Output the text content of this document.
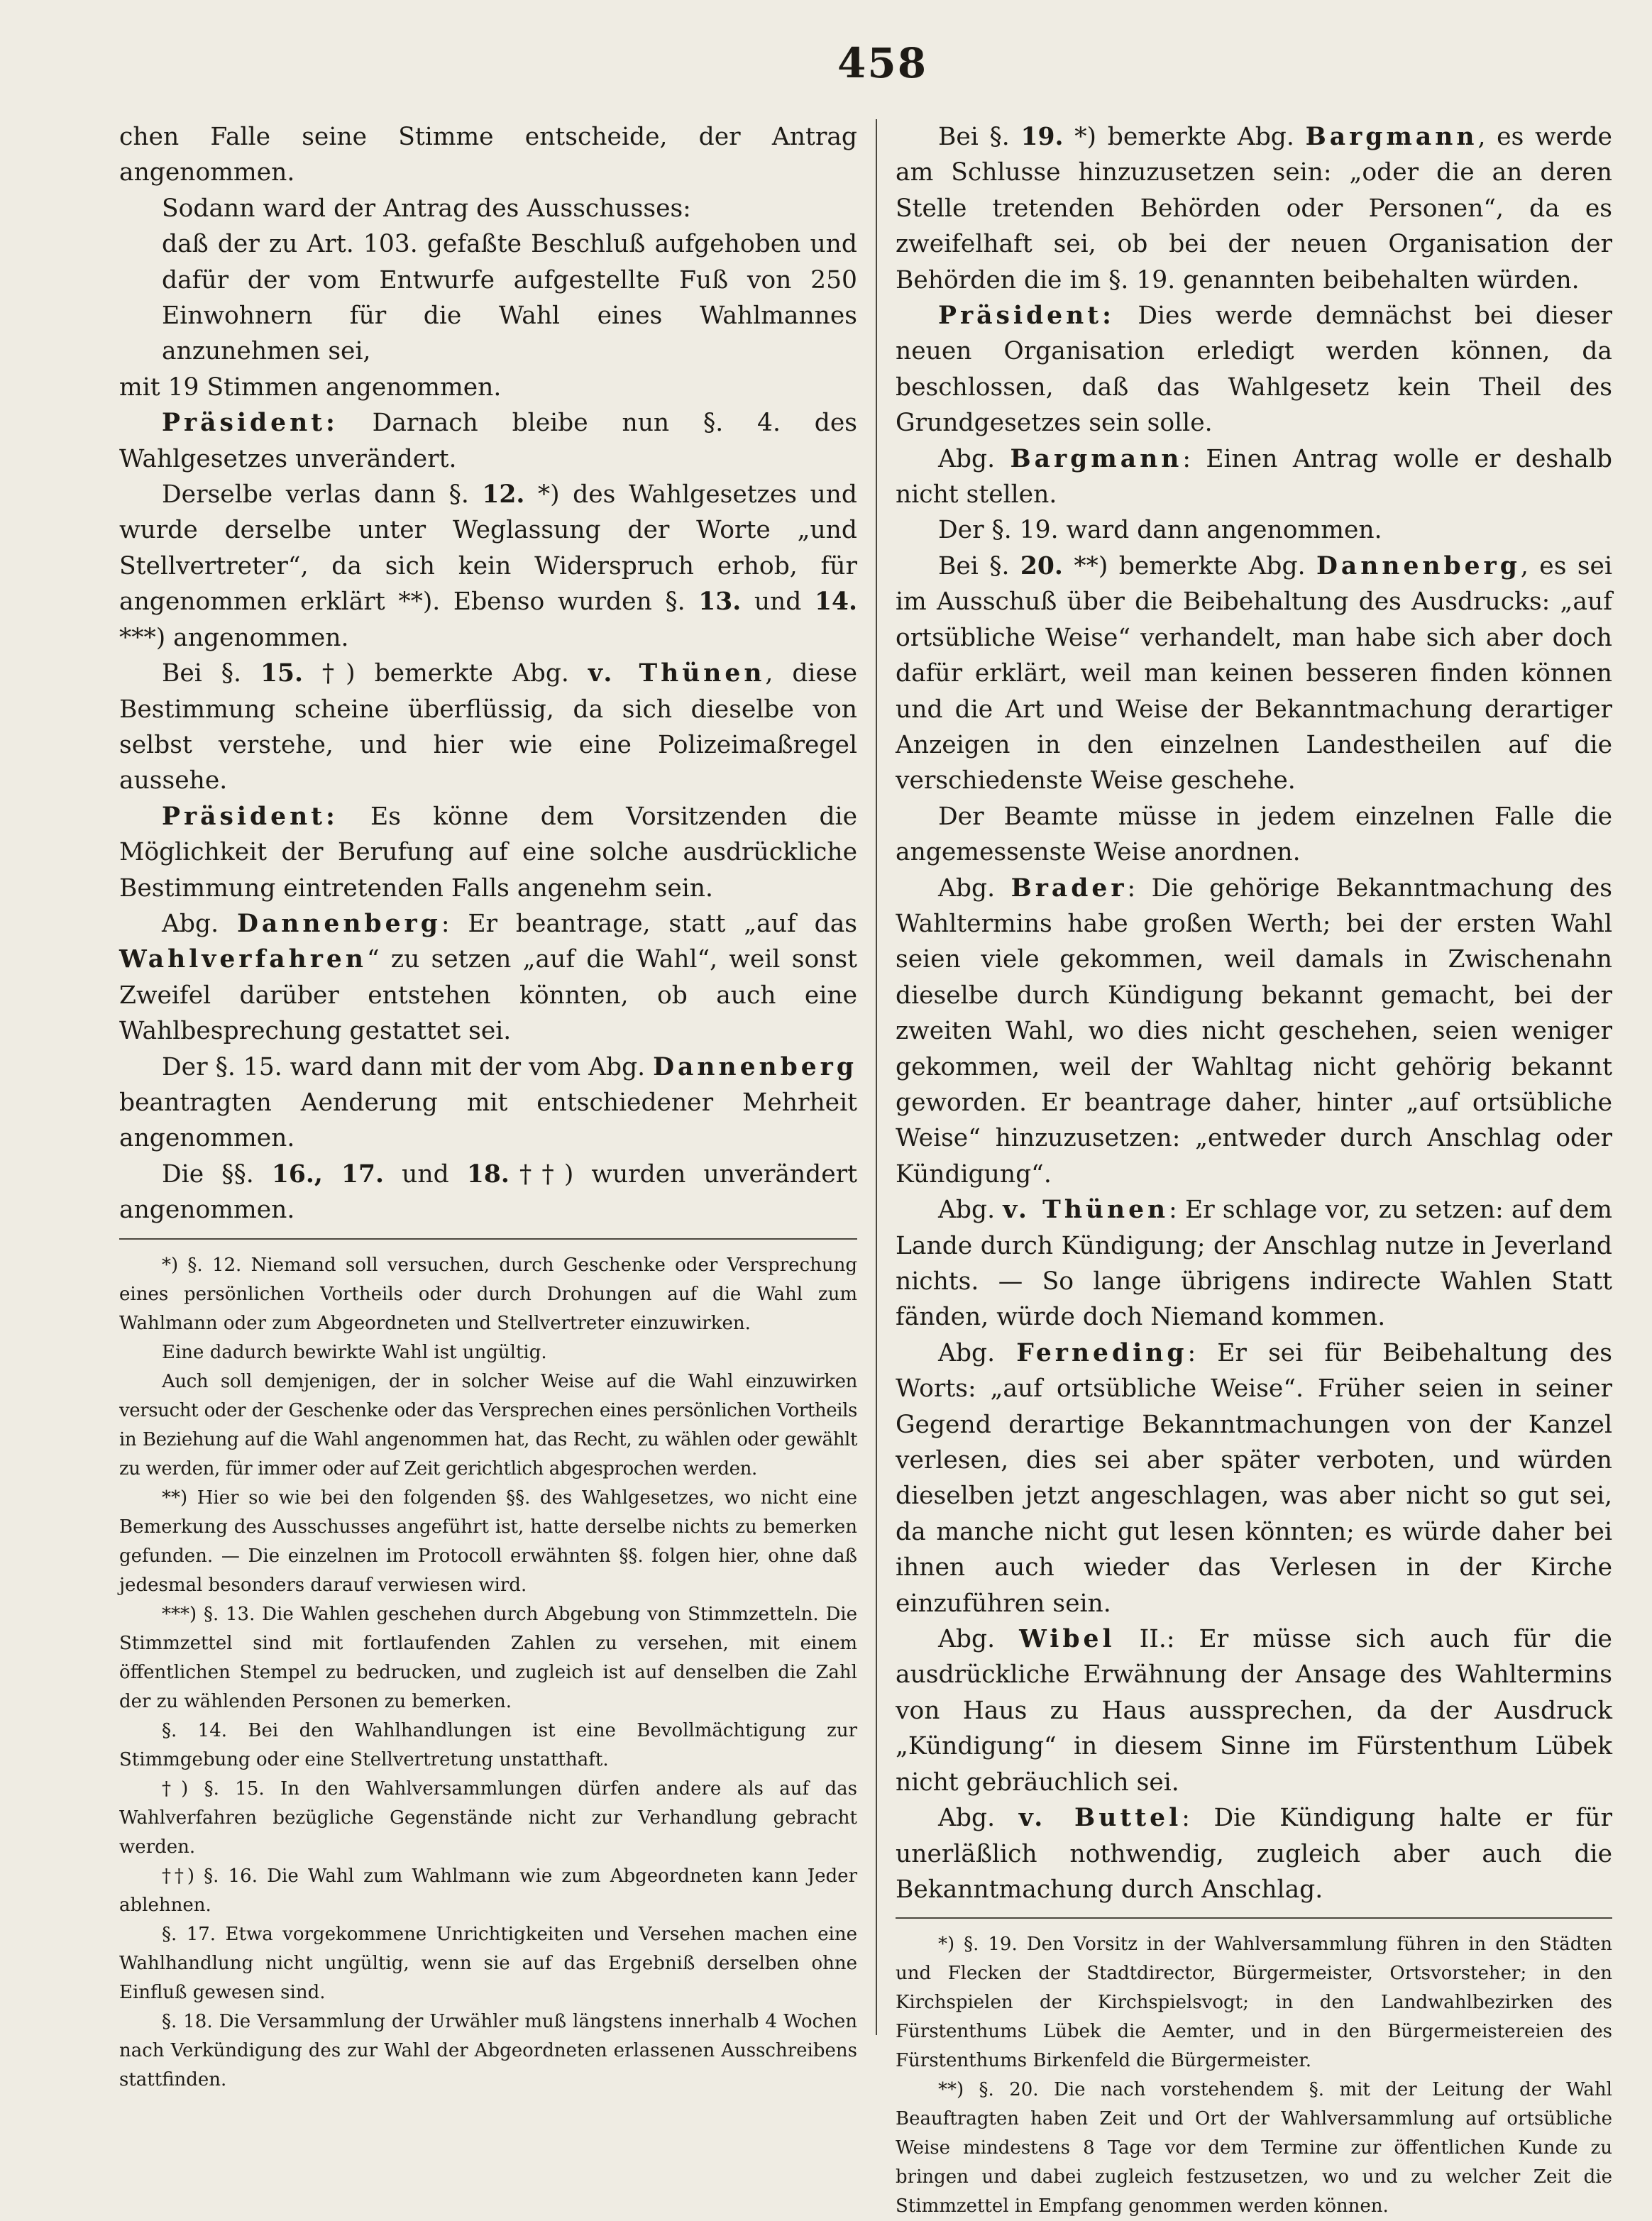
458

chen Falle seine Stimme entscheide, der Antrag angenommen.

Sodann ward der Antrag des Ausschusses:

daß der zu Art. 103. gefaßte Beschluß aufgehoben und dafür der vom Entwurfe aufgestellte Fuß von 250 Einwohnern für die Wahl eines Wahlmannes anzunehmen sei,

mit 19 Stimmen angenommen.

Präsident: Darnach bleibe nun §. 4. des Wahlgesetzes unverändert.

Derselbe verlas dann §. 12. *) des Wahlgesetzes und wurde derselbe unter Weglassung der Worte „und Stellvertreter“, da sich kein Widerspruch erhob, für angenommen erklärt **). Ebenso wurden §. 13. und 14. ***) angenommen.

Bei §. 15. †) bemerkte Abg. v. Thünen, diese Bestimmung scheine überflüssig, da sich dieselbe von selbst verstehe, und hier wie eine Polizeimaßregel aussehe.

Präsident: Es könne dem Vorsitzenden die Möglichkeit der Berufung auf eine solche ausdrückliche Bestimmung eintretenden Falls angenehm sein.

Abg. Dannenberg: Er beantrage, statt „auf das Wahlverfahren“ zu setzen „auf die Wahl“, weil sonst Zweifel darüber entstehen könnten, ob auch eine Wahlbesprechung gestattet sei.

Der §. 15. ward dann mit der vom Abg. Dannenberg beantragten Aenderung mit entschiedener Mehrheit angenommen.

Die §§. 16., 17. und 18.††) wurden unverändert angenommen.

*) §. 12. Niemand soll versuchen, durch Geschenke oder Versprechung eines persönlichen Vortheils oder durch Drohungen auf die Wahl zum Wahlmann oder zum Abgeordneten und Stellvertreter einzuwirken.

Eine dadurch bewirkte Wahl ist ungültig.

Auch soll demjenigen, der in solcher Weise auf die Wahl einzuwirken versucht oder der Geschenke oder das Versprechen eines persönlichen Vortheils in Beziehung auf die Wahl angenommen hat, das Recht, zu wählen oder gewählt zu werden, für immer oder auf Zeit gerichtlich abgesprochen werden.

**) Hier so wie bei den folgenden §§. des Wahlgesetzes, wo nicht eine Bemerkung des Ausschusses angeführt ist, hatte derselbe nichts zu bemerken gefunden. — Die einzelnen im Protocoll erwähnten §§. folgen hier, ohne daß jedesmal besonders darauf verwiesen wird.

***) §. 13. Die Wahlen geschehen durch Abgebung von Stimmzetteln. Die Stimmzettel sind mit fortlaufenden Zahlen zu versehen, mit einem öffentlichen Stempel zu bedrucken, und zugleich ist auf denselben die Zahl der zu wählenden Personen zu bemerken.

§. 14. Bei den Wahlhandlungen ist eine Bevollmächtigung zur Stimmgebung oder eine Stellvertretung unstatthaft.

†) §. 15. In den Wahlversammlungen dürfen andere als auf das Wahlverfahren bezügliche Gegenstände nicht zur Verhandlung gebracht werden.

††) §. 16. Die Wahl zum Wahlmann wie zum Abgeordneten kann Jeder ablehnen.

§. 17. Etwa vorgekommene Unrichtigkeiten und Versehen machen eine Wahlhandlung nicht ungültig, wenn sie auf das Ergebniß derselben ohne Einfluß gewesen sind.

§. 18. Die Versammlung der Urwähler muß längstens innerhalb 4 Wochen nach Verkündigung des zur Wahl der Abgeordneten erlassenen Ausschreibens stattfinden.

Bei §. 19. *) bemerkte Abg. Bargmann, es werde am Schlusse hinzuzusetzen sein: „oder die an deren Stelle tretenden Behörden oder Personen“, da es zweifelhaft sei, ob bei der neuen Organisation der Behörden die im §. 19. genannten beibehalten würden.

Präsident: Dies werde demnächst bei dieser neuen Organisation erledigt werden können, da beschlossen, daß das Wahlgesetz kein Theil des Grundgesetzes sein solle.

Abg. Bargmann: Einen Antrag wolle er deshalb nicht stellen.

Der §. 19. ward dann angenommen.

Bei §. 20. **) bemerkte Abg. Dannenberg, es sei im Ausschuß über die Beibehaltung des Ausdrucks: „auf ortsübliche Weise“ verhandelt, man habe sich aber doch dafür erklärt, weil man keinen besseren finden können und die Art und Weise der Bekanntmachung derartiger Anzeigen in den einzelnen Landestheilen auf die verschiedenste Weise geschehe.

Der Beamte müsse in jedem einzelnen Falle die angemessenste Weise anordnen.

Abg. Brader: Die gehörige Bekanntmachung des Wahltermins habe großen Werth; bei der ersten Wahl seien viele gekommen, weil damals in Zwischenahn dieselbe durch Kündigung bekannt gemacht, bei der zweiten Wahl, wo dies nicht geschehen, seien weniger gekommen, weil der Wahltag nicht gehörig bekannt geworden. Er beantrage daher, hinter „auf ortsübliche Weise“ hinzuzusetzen: „entweder durch Anschlag oder Kündigung“.

Abg. v. Thünen: Er schlage vor, zu setzen: auf dem Lande durch Kündigung; der Anschlag nutze in Jeverland nichts. — So lange übrigens indirecte Wahlen Statt fänden, würde doch Niemand kommen.

Abg. Ferneding: Er sei für Beibehaltung des Worts: „auf ortsübliche Weise“. Früher seien in seiner Gegend derartige Bekanntmachungen von der Kanzel verlesen, dies sei aber später verboten, und würden dieselben jetzt angeschlagen, was aber nicht so gut sei, da manche nicht gut lesen könnten; es würde daher bei ihnen auch wieder das Verlesen in der Kirche einzuführen sein.

Abg. Wibel II.: Er müsse sich auch für die ausdrückliche Erwähnung der Ansage des Wahltermins von Haus zu Haus aussprechen, da der Ausdruck „Kündigung“ in diesem Sinne im Fürstenthum Lübek nicht gebräuchlich sei.

Abg. v. Buttel: Die Kündigung halte er für unerläßlich nothwendig, zugleich aber auch die Bekanntmachung durch Anschlag.

*) §. 19. Den Vorsitz in der Wahlversammlung führen in den Städten und Flecken der Stadtdirector, Bürgermeister, Ortsvorsteher; in den Kirchspielen der Kirchspielsvogt; in den Landwahlbezirken des Fürstenthums Lübek die Aemter, und in den Bürgermeistereien des Fürstenthums Birkenfeld die Bürgermeister.

**) §. 20. Die nach vorstehendem §. mit der Leitung der Wahl Beauftragten haben Zeit und Ort der Wahlversammlung auf ortsübliche Weise mindestens 8 Tage vor dem Termine zur öffentlichen Kunde zu bringen und dabei zugleich festzusetzen, wo und zu welcher Zeit die Stimmzettel in Empfang genommen werden können.
